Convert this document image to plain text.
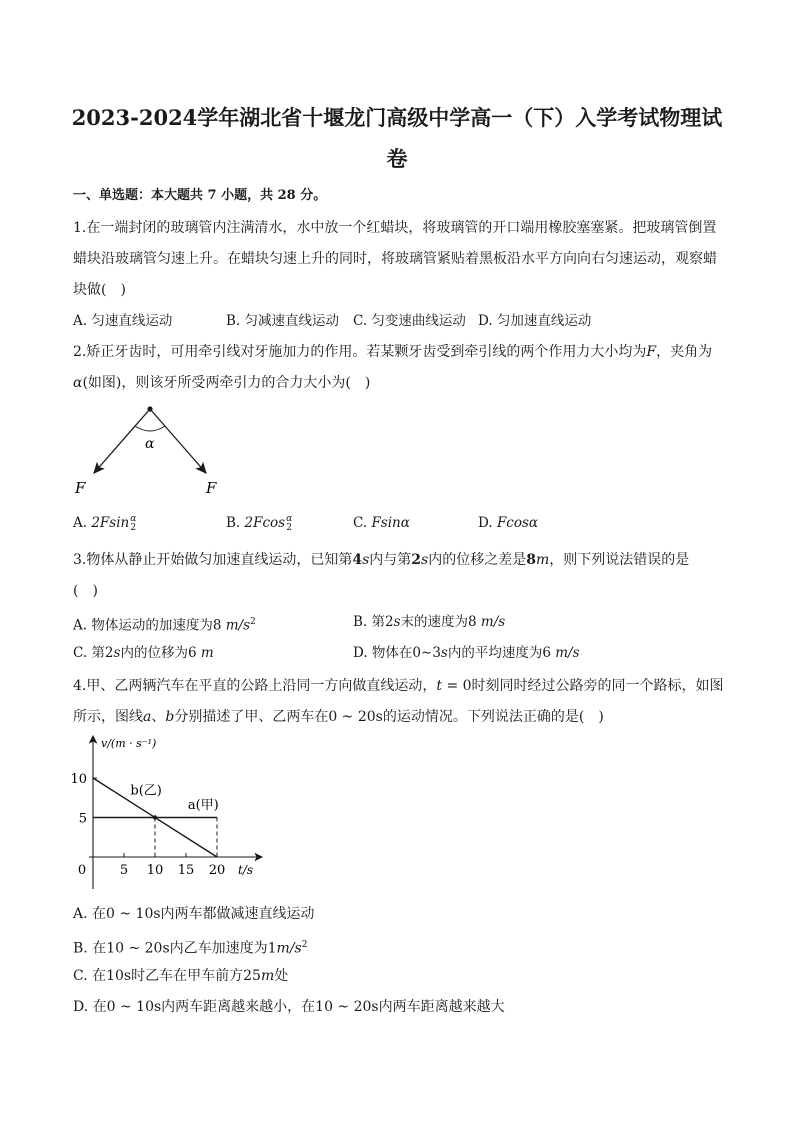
2023-2024学年湖北省十堰龙门高级中学高一（下）入学考试物理试
卷
一、单选题：本大题共 7 小题，共 28 分。
1.在一端封闭的玻璃管内注满清水，水中放一个红蜡块，将玻璃管的开口端用橡胶塞塞紧。把玻璃管倒置
蜡块沿玻璃管匀速上升。在蜡块匀速上升的同时，将玻璃管紧贴着黑板沿水平方向向右匀速运动，观察蜡
块做(　)
A. 匀速直线运动	B. 匀减速直线运动 C. 匀变速曲线运动 D. 匀加速直线运动
2.矫正牙齿时，可用牵引线对牙施加力的作用。若某颗牙齿受到牵引线的两个作用力大小均为F，夹角为
α(如图)，则该牙所受两牵引力的合力大小为(　)
α
F	F
A. 2Fsin α
2	B. 2Fcos α
2	C. Fsinα	D. Fcosα
3.物体从静止开始做匀加速直线运动，已知第4s内与第2s内的位移之差是8m，则下列说法错误的是
(　)
A. 物体运动的加速度为8 $m/s^2$	B. 第2s末的速度为8 m/s
C. 第2s内的位移为6 m	D. 物体在0∼3s内的平均速度为6 m/s
4.甲、乙两辆汽车在平直的公路上沿同一方向做直线运动，t = 0时刻同时经过公路旁的同一个路标，如图
所示，图线a、b分别描述了甲、乙两车在0 ~ 20s的运动情况。下列说法正确的是(　)
v/(m · s⁻¹)
t/s
0	5 10 15 20
5
10
b(乙)
a(甲)
A. 在0 ~ 10s内两车都做减速直线运动
B. 在10 ~ 20s内乙车加速度为$1m/s^2$
C. 在10s时乙车在甲车前方25m处
D. 在0 ~ 10s内两车距离越来越小，在10 ~ 20s内两车距离越来越大
